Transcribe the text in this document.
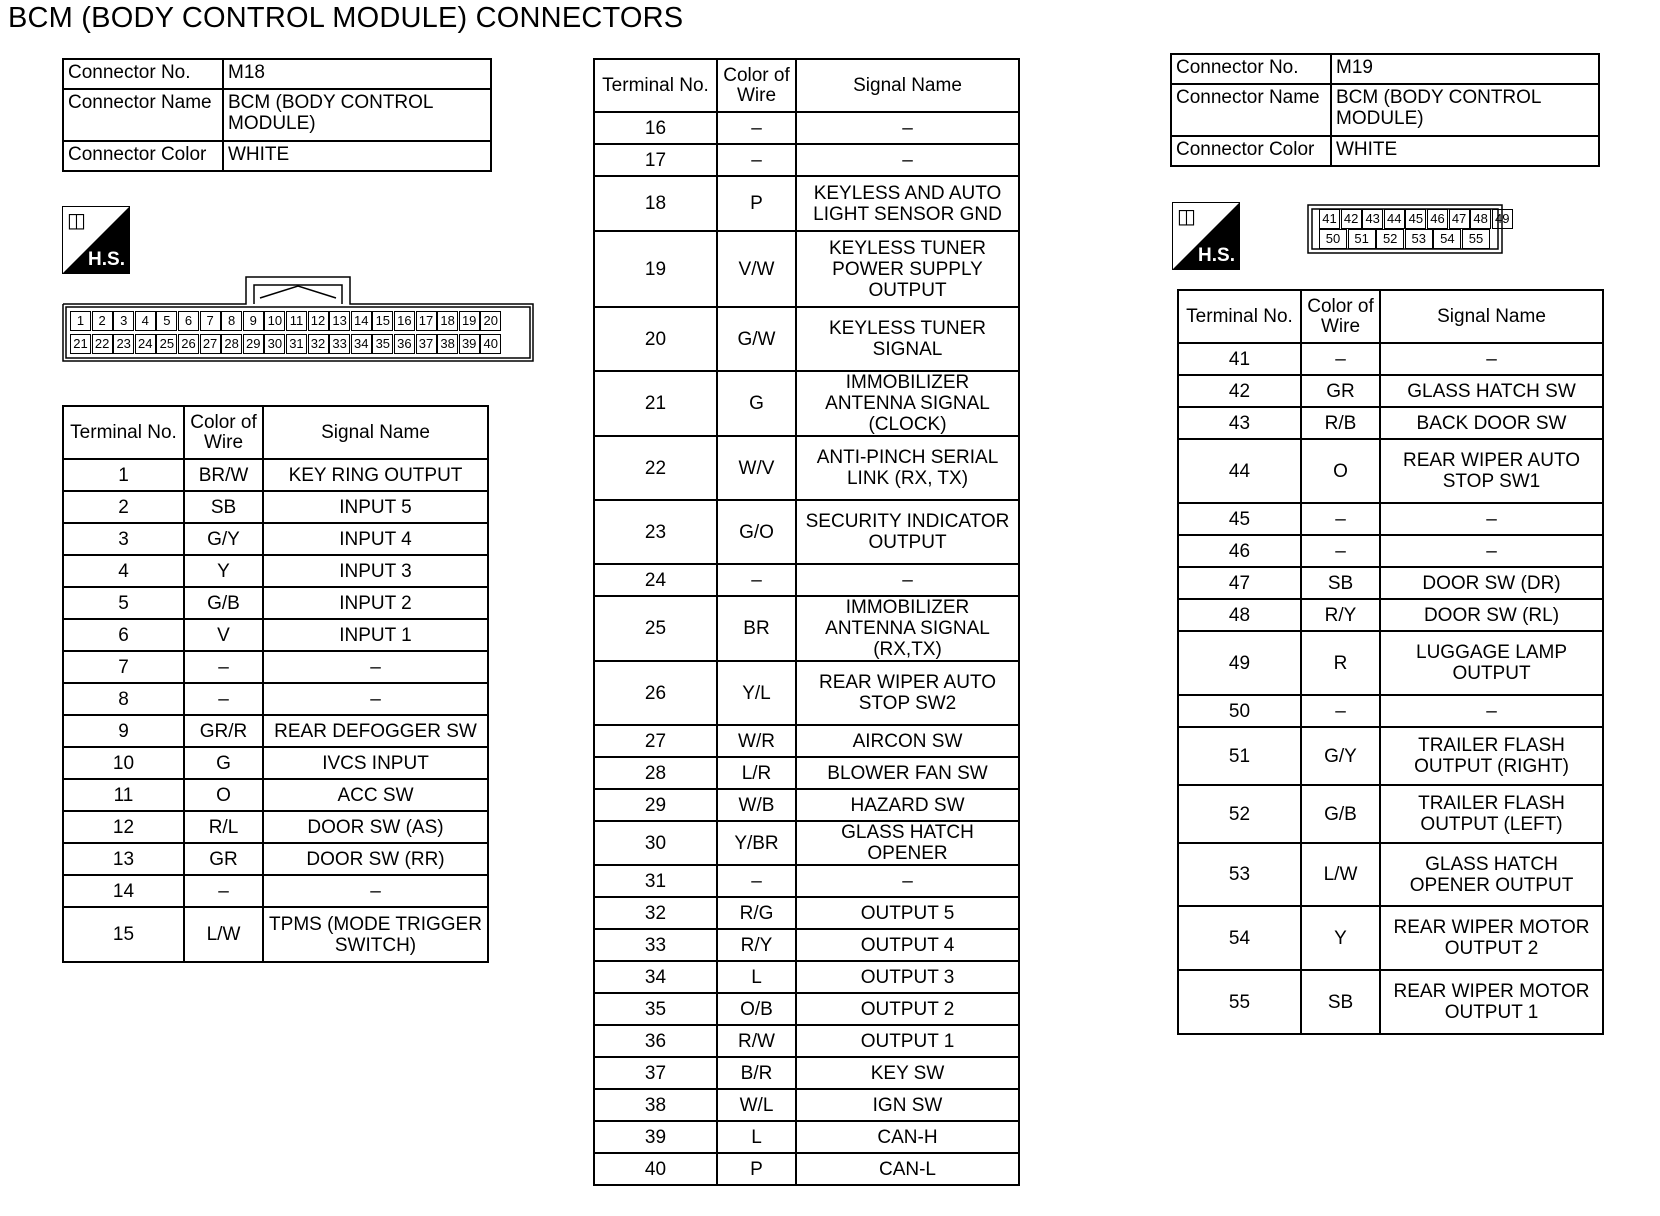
BCM (BODY CONTROL MODULE) CONNECTORS
Connector No.	M18
Connector Name	BCM (BODY CONTROL MODULE)
Connector Color	WHITE
◫
H.S.
1	2	3	4	5	6	7	8	9 10 11 12 13 14 15 16 17 18 19 20
21 22 23 24 25 26 27 28 29 30 31 32 33 34 35 36 37 38 39 40
Terminal No.	Color of Wire	Signal Name
1	BR/W	KEY RING OUTPUT
2	SB	INPUT 5
3	G/Y	INPUT 4
4	Y	INPUT 3
5	G/B	INPUT 2
6	V	INPUT 1
7	–	–
8	–	–
9	GR/R	REAR DEFOGGER SW
10	G	IVCS INPUT
11	O	ACC SW
12	R/L	DOOR SW (AS)
13	GR	DOOR SW (RR)
14	–	–
15	L/W	TPMS (MODE TRIGGER SWITCH)
Terminal No.	Color of Wire	Signal Name
16	–	–
17	–	–
18	P	KEYLESS AND AUTO LIGHT SENSOR GND
19	V/W	KEYLESS TUNER POWER SUPPLY OUTPUT
20	G/W	KEYLESS TUNER SIGNAL
21	G	IMMOBILIZER ANTENNA SIGNAL (CLOCK)
22	W/V	ANTI-PINCH SERIAL LINK (RX, TX)
23	G/O	SECURITY INDICATOR OUTPUT
24	–	–
25	BR	IMMOBILIZER ANTENNA SIGNAL (RX,TX)
26	Y/L	REAR WIPER AUTO STOP SW2
27	W/R	AIRCON SW
28	L/R	BLOWER FAN SW
29	W/B	HAZARD SW
30	Y/BR	GLASS HATCH OPENER
31	–	–
32	R/G	OUTPUT 5
33	R/Y	OUTPUT 4
34	L	OUTPUT 3
35	O/B	OUTPUT 2
36	R/W	OUTPUT 1
37	B/R	KEY SW
38	W/L	IGN SW
39	L	CAN-H
40	P	CAN-L
Connector No.	M19
Connector Name	BCM (BODY CONTROL MODULE)
Connector Color	WHITE
◫
H.S.
41 42 43 44 45 46 47 48 49
50	51	52	53	54	55
Terminal No.	Color of Wire	Signal Name
41	–	–
42	GR	GLASS HATCH SW
43	R/B	BACK DOOR SW
44	O	REAR WIPER AUTO STOP SW1
45	–	–
46	–	–
47	SB	DOOR SW (DR)
48	R/Y	DOOR SW (RL)
49	R	LUGGAGE LAMP OUTPUT
50	–	–
51	G/Y	TRAILER FLASH OUTPUT (RIGHT)
52	G/B	TRAILER FLASH OUTPUT (LEFT)
53	L/W	GLASS HATCH OPENER OUTPUT
54	Y	REAR WIPER MOTOR OUTPUT 2
55	SB	REAR WIPER MOTOR OUTPUT 1
